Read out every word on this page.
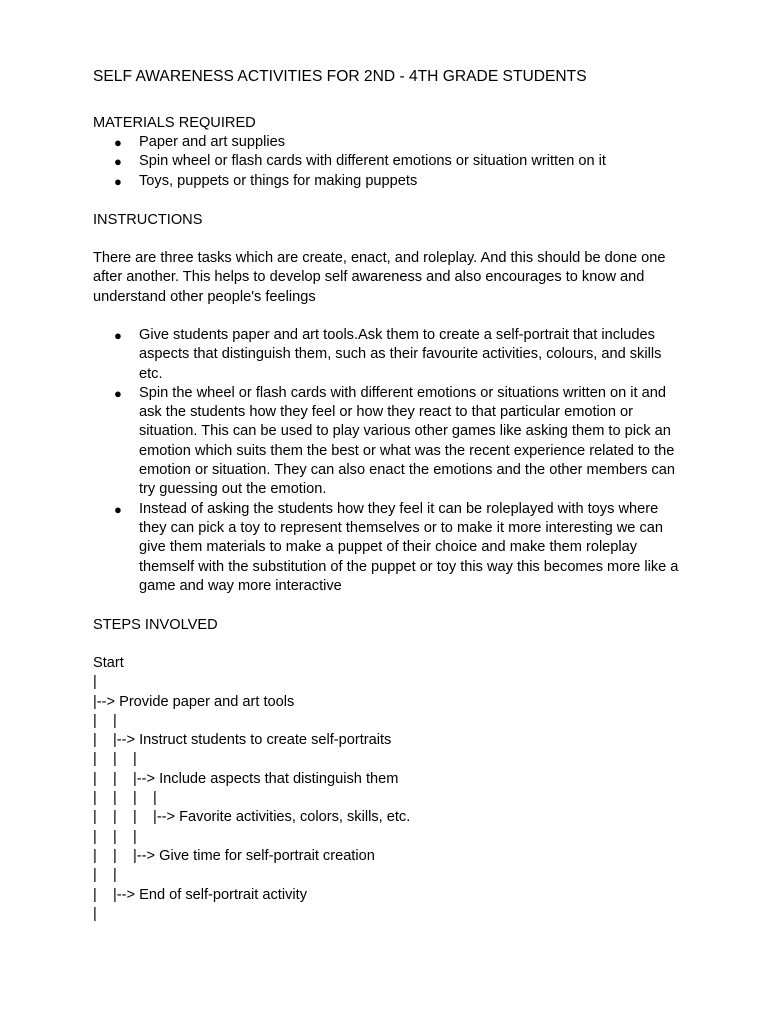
SELF AWARENESS ACTIVITIES FOR 2ND - 4TH GRADE STUDENTS
MATERIALS REQUIRED
● Paper and art supplies
● Spin wheel or flash cards with different emotions or situation written on it
● Toys, puppets or things for making puppets
INSTRUCTIONS
There are three tasks which are create, enact, and roleplay. And this should be done one after another. This helps to develop self awareness and also encourages to know and understand other people's feelings
● Give students paper and art tools.Ask them to create a self-portrait that includes aspects that distinguish them, such as their favourite activities, colours, and skills etc.
● Spin the wheel or flash cards with different emotions or situations written on it and ask the students how they feel or how they react to that particular emotion or situation. This can be used to play various other games like asking them to pick an emotion which suits them the best or what was the recent experience related to the emotion or situation. They can also enact the emotions and the other members can try guessing out the emotion.
● Instead of asking the students how they feel it can be roleplayed with toys where they can pick a toy to represent themselves or to make it more interesting we can give them materials to make a puppet of their choice and make them roleplay themself with the substitution of the puppet or toy this way this becomes more like a game and way more interactive
STEPS INVOLVED
Start
|
|--> Provide paper and art tools
|    |
|    |--> Instruct students to create self-portraits
|    |    |
|    |    |--> Include aspects that distinguish them
|    |    |    |
|    |    |    |--> Favorite activities, colors, skills, etc.
|    |    |
|    |    |--> Give time for self-portrait creation
|    |
|    |--> End of self-portrait activity
|
